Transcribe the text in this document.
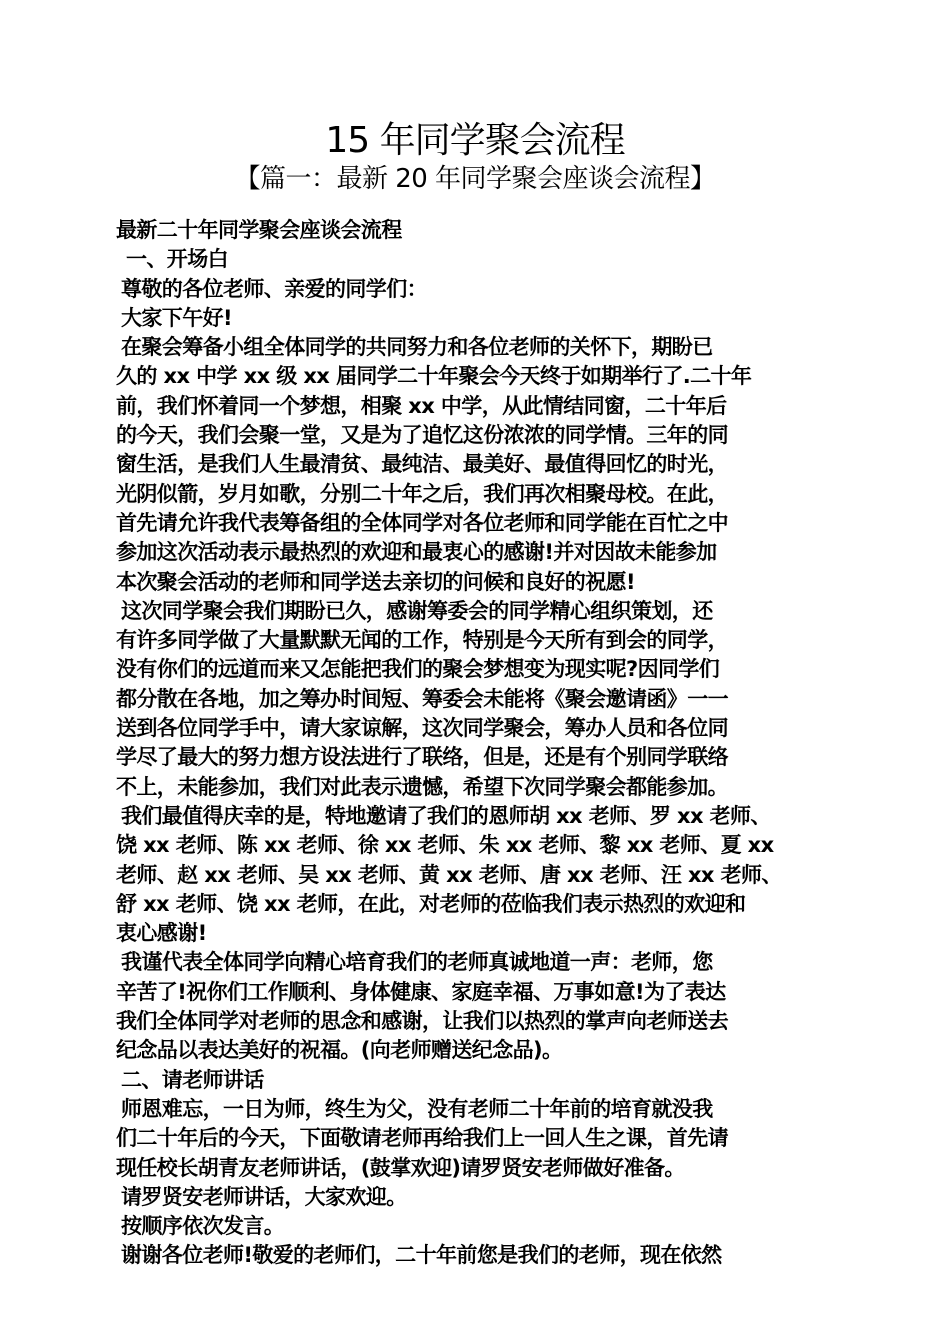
15 年同学聚会流程
【篇一：最新 20 年同学聚会座谈会流程】
最新二十年同学聚会座谈会流程
一、开场白
尊敬的各位老师、亲爱的同学们：
大家下午好!
在聚会筹备小组全体同学的共同努力和各位老师的关怀下，期盼已
久的 xx 中学 xx 级 xx 届同学二十年聚会今天终于如期举行了.二十年
前，我们怀着同一个梦想，相聚 xx 中学，从此情结同窗，二十年后
的今天，我们会聚一堂，又是为了追忆这份浓浓的同学情。三年的同
窗生活，是我们人生最清贫、最纯洁、最美好、最值得回忆的时光，
光阴似箭，岁月如歌，分别二十年之后，我们再次相聚母校。在此，
首先请允许我代表筹备组的全体同学对各位老师和同学能在百忙之中
参加这次活动表示最热烈的欢迎和最衷心的感谢!并对因故未能参加
本次聚会活动的老师和同学送去亲切的问候和良好的祝愿!
这次同学聚会我们期盼已久，感谢筹委会的同学精心组织策划，还
有许多同学做了大量默默无闻的工作，特别是今天所有到会的同学，
没有你们的远道而来又怎能把我们的聚会梦想变为现实呢?因同学们
都分散在各地，加之筹办时间短、筹委会未能将《聚会邀请函》一一
送到各位同学手中，请大家谅解，这次同学聚会，筹办人员和各位同
学尽了最大的努力想方设法进行了联络，但是，还是有个别同学联络
不上，未能参加，我们对此表示遗憾，希望下次同学聚会都能参加。
我们最值得庆幸的是，特地邀请了我们的恩师胡 xx 老师、罗 xx 老师、
饶 xx 老师、陈 xx 老师、徐 xx 老师、朱 xx 老师、黎 xx 老师、夏 xx
老师、赵 xx 老师、吴 xx 老师、黄 xx 老师、唐 xx 老师、汪 xx 老师、
舒 xx 老师、饶 xx 老师，在此，对老师的莅临我们表示热烈的欢迎和
衷心感谢!
我谨代表全体同学向精心培育我们的老师真诚地道一声：老师，您
辛苦了!祝你们工作顺利、身体健康、家庭幸福、万事如意!为了表达
我们全体同学对老师的思念和感谢，让我们以热烈的掌声向老师送去
纪念品以表达美好的祝福。(向老师赠送纪念品)。
二、请老师讲话
师恩难忘，一日为师，终生为父，没有老师二十年前的培育就没我
们二十年后的今天，下面敬请老师再给我们上一回人生之课，首先请
现任校长胡青友老师讲话，(鼓掌欢迎)请罗贤安老师做好准备。
请罗贤安老师讲话，大家欢迎。
按顺序依次发言。
谢谢各位老师!敬爱的老师们，二十年前您是我们的老师，现在依然
